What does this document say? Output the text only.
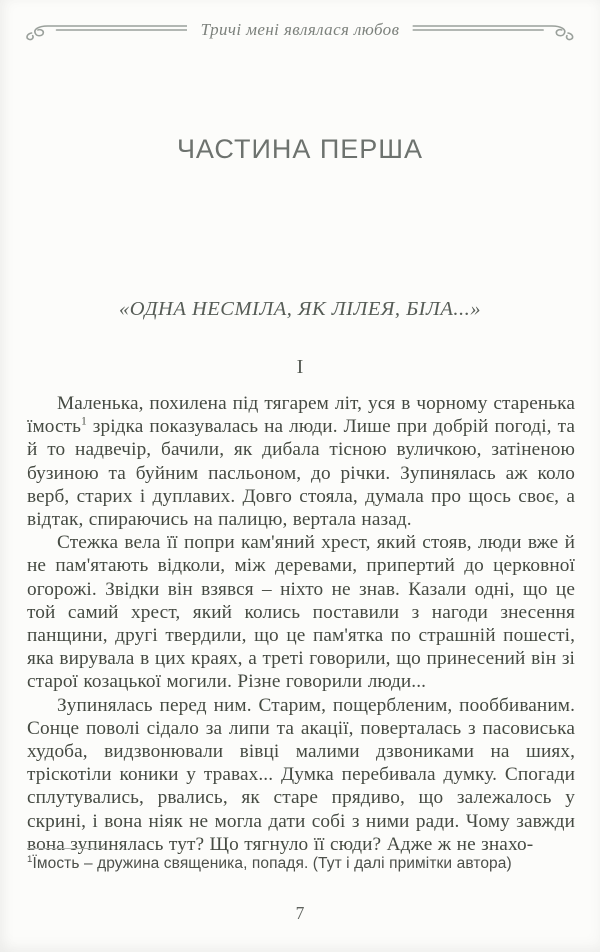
Тричі мені являлася любов
ЧАСТИНА ПЕРША
«ОДНА НЕСМІЛА, ЯК ЛІЛЕЯ, БІЛА...»
І

Маленька, похилена під тягарем літ, уся в чорному старенька їмость$^1$ зрідка показувалась на люди. Лише при добрій погоді, та й то надвечір, бачили, як дибала тісною вуличкою, затіненою бузиною та буйним пасльоном, до річки. Зупинялась аж коло верб, старих і дуплавих. Довго стояла, думала про щось своє, а відтак, спираючись на палицю, вертала назад.

Стежка вела її попри кам'яний хрест, який стояв, люди вже й не пам'ятають відколи, між деревами, припертий до церковної огорожі. Звідки він взявся – ніхто не знав. Казали одні, що це той самий хрест, який колись поставили з нагоди знесення панщини, другі твердили, що це пам'ятка по страшній пошесті, яка вирувала в цих краях, а треті говорили, що принесений він зі старої козацької могили. Різне говорили люди...

Зупинялась перед ним. Старим, пощербленим, пооббиваним. Сонце поволі сідало за липи та акації, поверталась з пасовиська худоба, видзвонювали вівці малими дзвониками на шиях, тріскотіли коники у травах... Думка перебивала думку. Спогади сплутувались, рвались, як старе прядиво, що залежалось у скрині, і вона ніяк не могла дати собі з ними ради. Чому завжди вона зупинялась тут? Що тягнуло її сюди? Адже ж не знахо-

$^1$Їмость – дружина священика, попадя. (Тут і далі примітки автора)

7
